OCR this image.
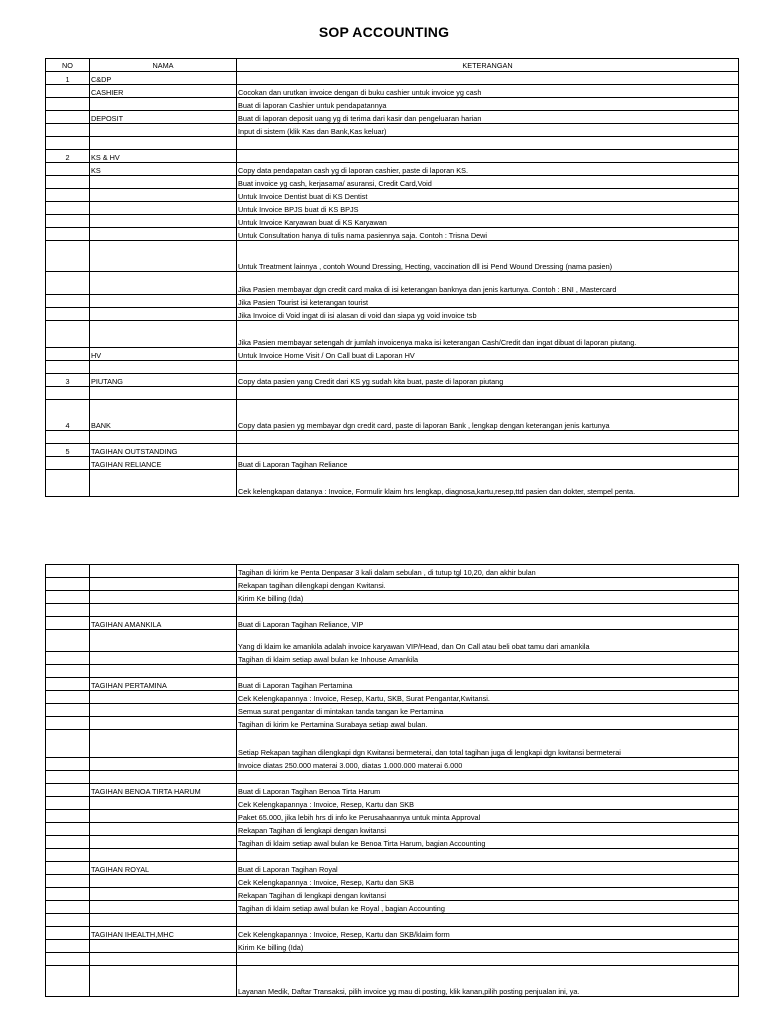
SOP ACCOUNTING
NO	NAMA	KETERANGAN
1	C&DP	
	CASHIER	Cocokan dan urutkan invoice dengan di buku cashier untuk invoice yg cash
		Buat di laporan Cashier untuk pendapatannya
	DEPOSIT	Buat di laporan deposit uang yg di terima dari kasir dan pengeluaran harian
		Input di sistem (klik Kas dan Bank,Kas keluar)

2	KS & HV	
	KS	Copy data pendapatan cash yg di laporan cashier, paste di laporan KS.
		Buat invoice yg cash, kerjasama/ asuransi, Credit Card,Void
		Untuk Invoice Dentist buat di KS Dentist
		Untuk Invoice BPJS buat di KS BPJS
		Untuk Invoice Karyawan buat di KS Karyawan
		Untuk Consultation hanya di tulis nama pasiennya saja. Contoh : Trisna Dewi
		Untuk Treatment lainnya , contoh Wound Dressing, Hecting, vaccination dll isi Pend Wound Dressing (nama pasien)
		Jika Pasien membayar dgn credit card maka di isi keterangan banknya dan jenis kartunya. Contoh : BNI , Mastercard
		Jika Pasien Tourist isi keterangan tourist
		Jika Invoice di Void ingat di isi alasan di void dan siapa yg void invoice tsb
		Jika Pasien membayar setengah dr jumlah invoicenya maka isi keterangan Cash/Credit dan ingat dibuat di laporan piutang.
	HV	Untuk Invoice Home Visit / On Call buat di Laporan HV

3	PIUTANG	Copy data pasien yang Credit dari KS yg sudah kita buat, paste di laporan piutang

4	BANK	Copy data pasien yg membayar dgn credit card, paste di laporan Bank , lengkap dengan keterangan jenis kartunya

5	TAGIHAN OUTSTANDING	
	TAGIHAN RELIANCE	Buat di Laporan Tagihan Reliance
		Cek kelengkapan datanya : Invoice, Formulir klaim hrs lengkap, diagnosa,kartu,resep,ttd pasien dan dokter, stempel penta.
		Tagihan di kirim ke Penta Denpasar 3 kali dalam sebulan , di tutup tgl 10,20, dan akhir bulan
		Rekapan tagihan dilengkapi dengan Kwitansi.
		Kirim Ke billing (Ida)

	TAGIHAN AMANKILA	Buat di Laporan Tagihan Reliance, VIP
		Yang di klaim ke amankila adalah invoice karyawan VIP/Head, dan On Call atau beli obat tamu dari amankila
		Tagihan di klaim setiap awal bulan ke Inhouse Amankila

	TAGIHAN PERTAMINA	Buat di Laporan Tagihan Pertamina
		Cek Kelengkapannya : Invoice, Resep, Kartu, SKB, Surat Pengantar,Kwitansi.
		Semua surat pengantar di mintakan tanda tangan ke Pertamina
		Tagihan di kirim ke Pertamina Surabaya setiap awal bulan.
		Setiap Rekapan tagihan dilengkapi dgn Kwitansi bermeterai, dan total tagihan juga di lengkapi dgn kwitansi bermeterai
		Invoice diatas 250.000 materai 3.000, diatas 1.000.000 materai 6.000

	TAGIHAN BENOA TIRTA HARUM	Buat di Laporan Tagihan Benoa Tirta Harum
		Cek Kelengkapannya : Invoice, Resep, Kartu dan SKB
		Paket 65.000, jika lebih hrs di info ke Perusahaannya untuk minta Approval
		Rekapan Tagihan di lengkapi dengan kwitansi
		Tagihan di klaim setiap awal bulan ke Benoa Tirta Harum, bagian Accounting

	TAGIHAN ROYAL	Buat di Laporan Tagihan Royal
		Cek Kelengkapannya : Invoice, Resep, Kartu dan SKB
		Rekapan Tagihan di lengkapi dengan kwitansi
		Tagihan di klaim setiap awal bulan ke Royal , bagian Accounting

	TAGIHAN IHEALTH,MHC	Cek Kelengkapannya : Invoice, Resep, Kartu dan SKB/klaim form
		Kirim Ke billing (Ida)

		Layanan Medik, Daftar Transaksi, pilih invoice yg mau di posting, klik kanan,pilih posting penjualan ini, ya.
